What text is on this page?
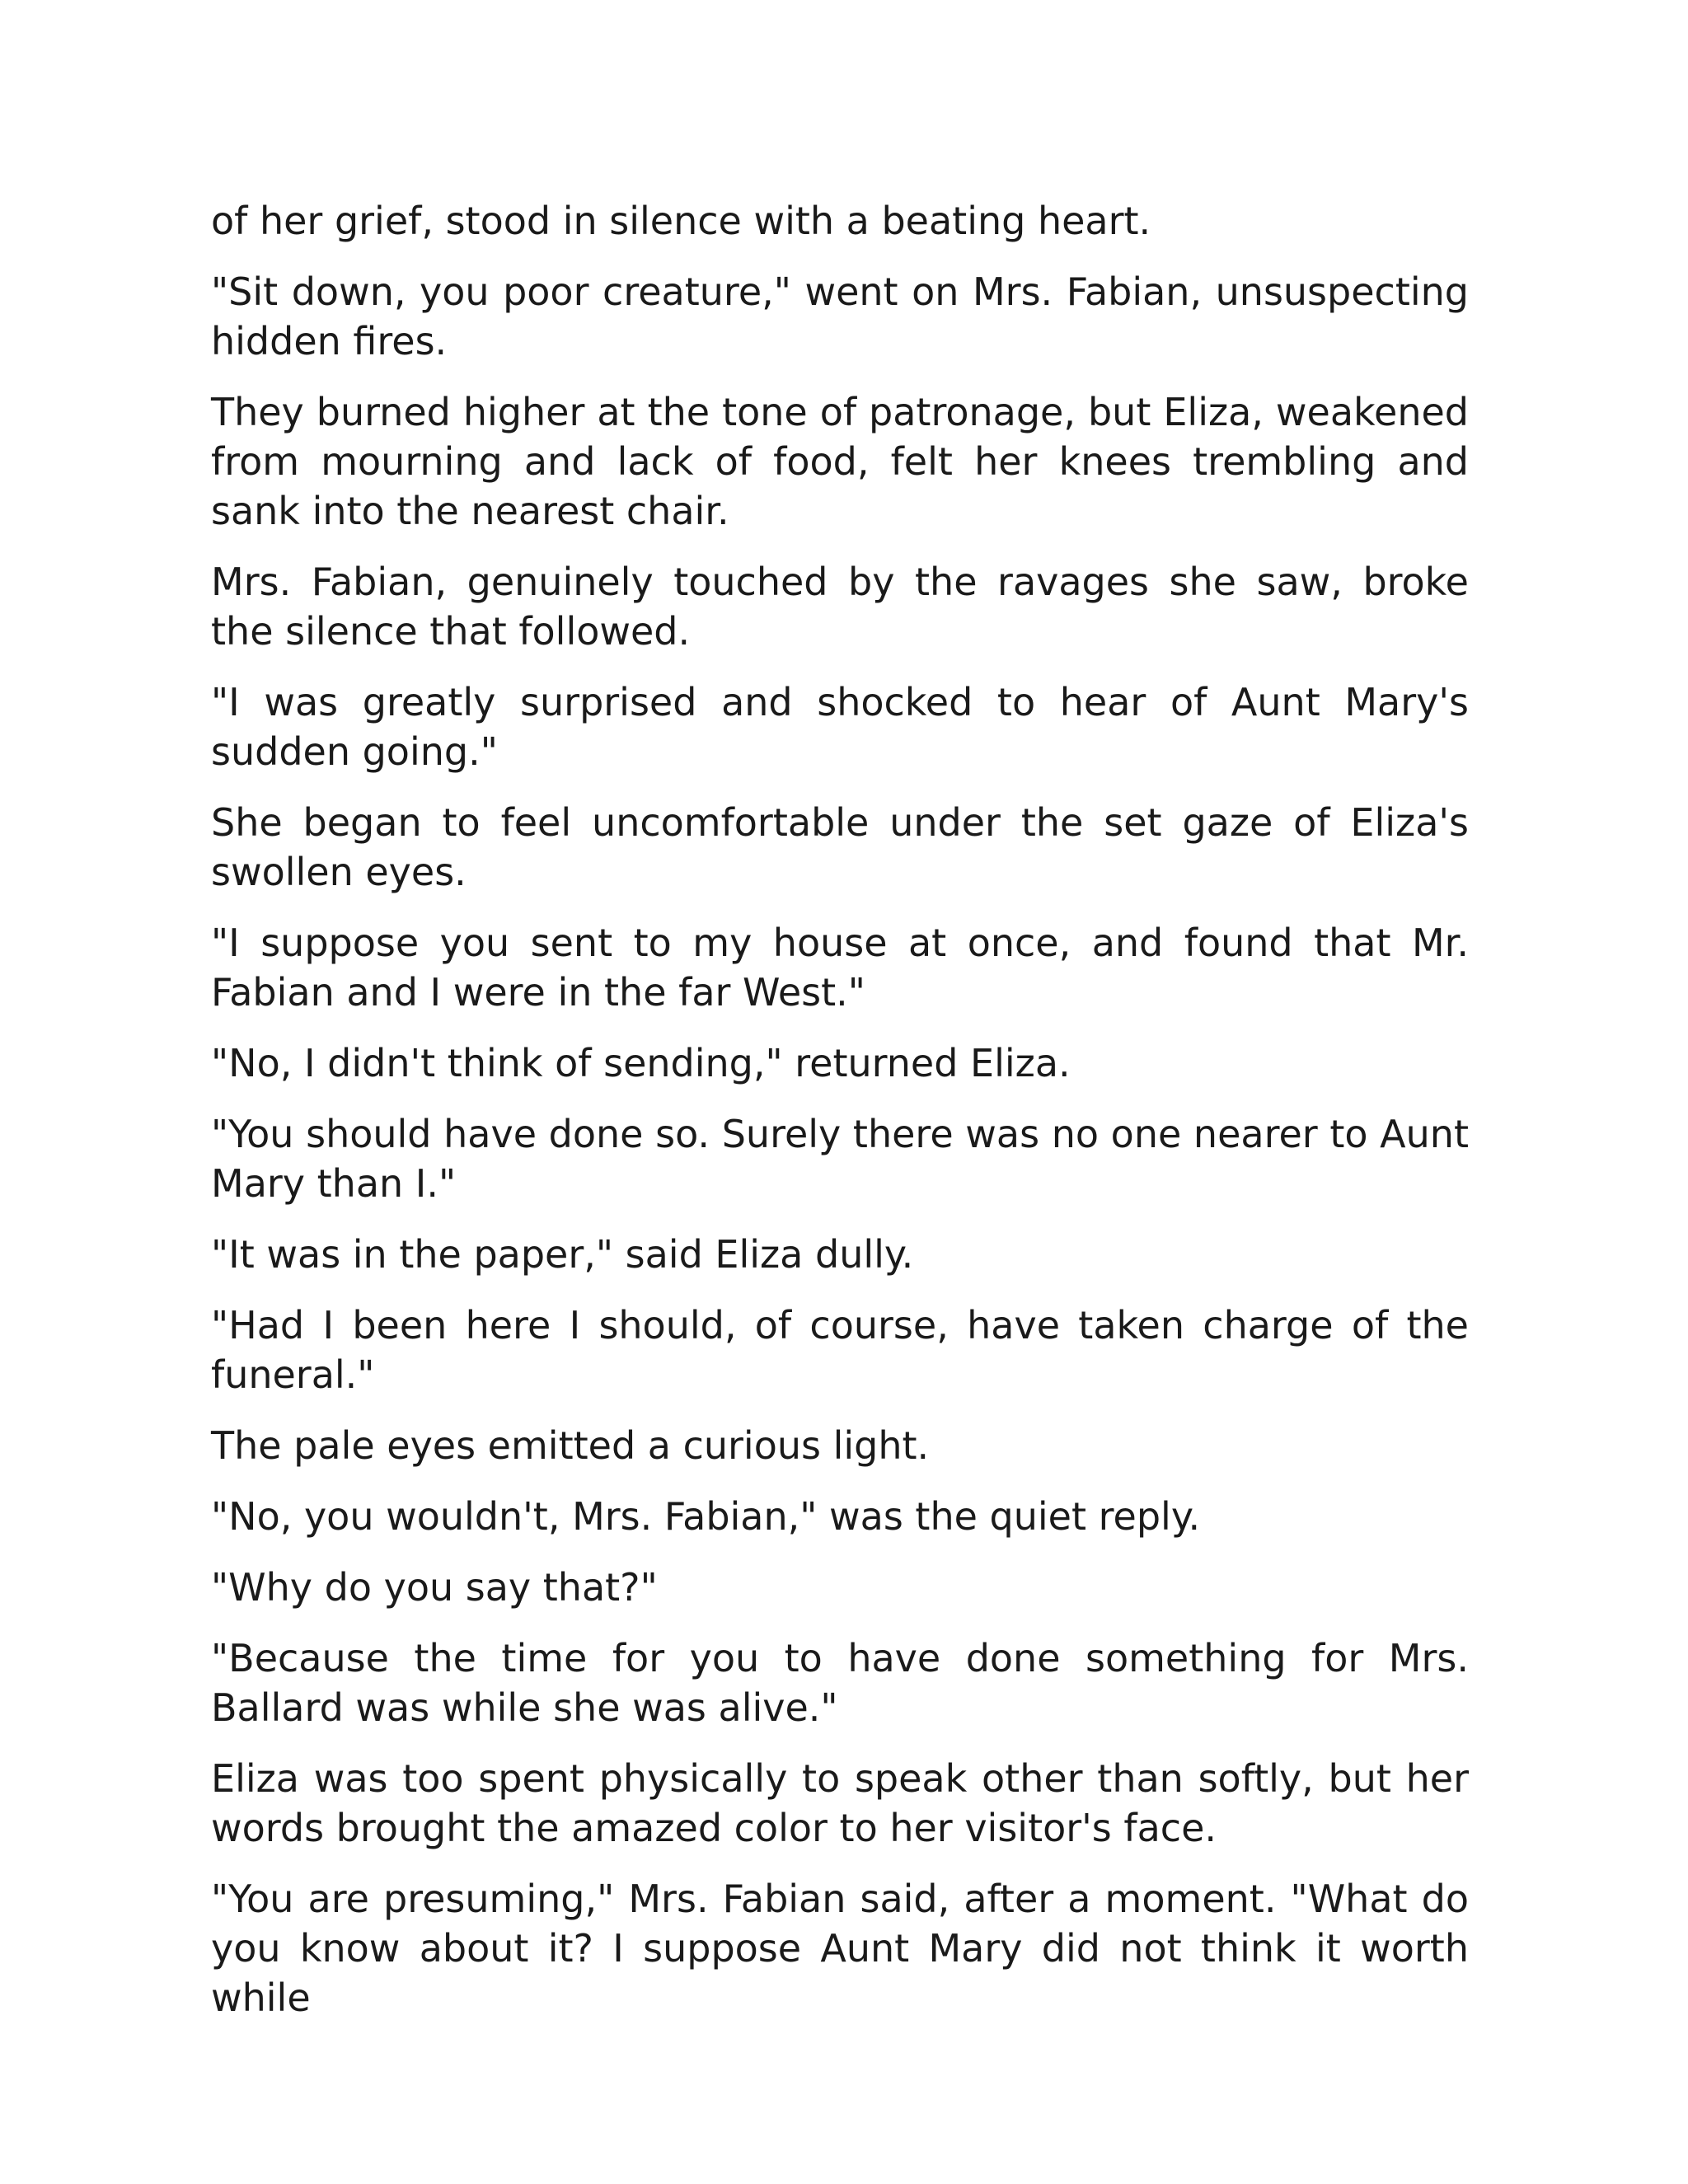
of her grief, stood in silence with a beating heart.

"Sit down, you poor creature," went on Mrs. Fabian, unsuspecting hidden fires.

They burned higher at the tone of patronage, but Eliza, weakened from mourning and lack of food, felt her knees trembling and sank into the nearest chair.

Mrs. Fabian, genuinely touched by the ravages she saw, broke the silence that followed.

"I was greatly surprised and shocked to hear of Aunt Mary's sudden going."

She began to feel uncomfortable under the set gaze of Eliza's swollen eyes.

"I suppose you sent to my house at once, and found that Mr. Fabian and I were in the far West."

"No, I didn't think of sending," returned Eliza.

"You should have done so. Surely there was no one nearer to Aunt Mary than I."

"It was in the paper," said Eliza dully.

"Had I been here I should, of course, have taken charge of the funeral."

The pale eyes emitted a curious light.

"No, you wouldn't, Mrs. Fabian," was the quiet reply.

"Why do you say that?"

"Because the time for you to have done something for Mrs. Ballard was while she was alive."

Eliza was too spent physically to speak other than softly, but her words brought the amazed color to her visitor's face.

"You are presuming," Mrs. Fabian said, after a moment. "What do you know about it? I suppose Aunt Mary did not think it worth while
